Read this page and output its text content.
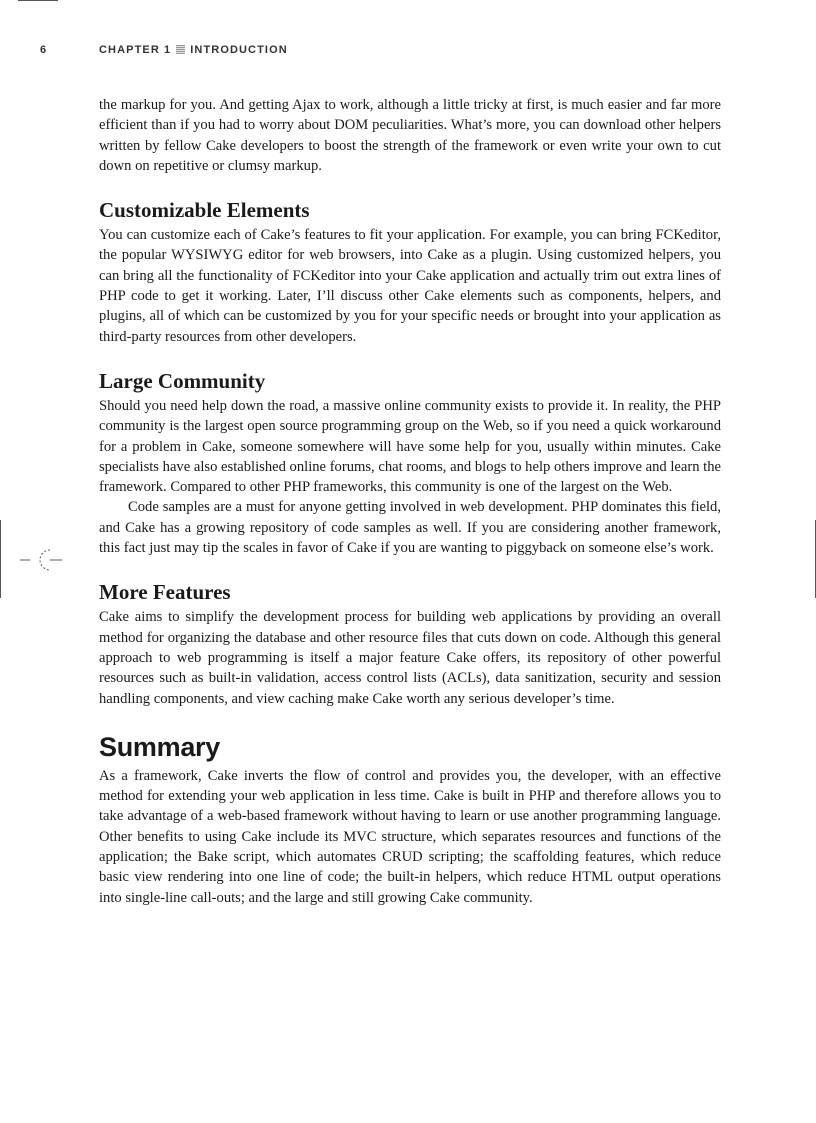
6	CHAPTER 1 INTRODUCTION

the markup for you. And getting Ajax to work, although a little tricky at first, is much easier and far more efficient than if you had to worry about DOM peculiarities. What’s more, you can download other helpers written by fellow Cake developers to boost the strength of the framework or even write your own to cut down on repetitive or clumsy markup.

Customizable Elements

You can customize each of Cake’s features to fit your application. For example, you can bring FCKeditor, the popular WYSIWYG editor for web browsers, into Cake as a plugin. Using customized helpers, you can bring all the functionality of FCKeditor into your Cake application and actually trim out extra lines of PHP code to get it working. Later, I’ll discuss other Cake elements such as components, helpers, and plugins, all of which can be customized by you for your specific needs or brought into your application as third-party resources from other developers.

Large Community

Should you need help down the road, a massive online community exists to provide it. In reality, the PHP community is the largest open source programming group on the Web, so if you need a quick workaround for a problem in Cake, someone somewhere will have some help for you, usually within minutes. Cake specialists have also established online forums, chat rooms, and blogs to help others improve and learn the framework. Compared to other PHP frameworks, this community is one of the largest on the Web.

Code samples are a must for anyone getting involved in web development. PHP dominates this field, and Cake has a growing repository of code samples as well. If you are considering another framework, this fact just may tip the scales in favor of Cake if you are wanting to piggyback on someone else’s work.

More Features

Cake aims to simplify the development process for building web applications by providing an overall method for organizing the database and other resource files that cuts down on code. Although this general approach to web programming is itself a major feature Cake offers, its repository of other powerful resources such as built-in validation, access control lists (ACLs), data sanitization, security and session handling components, and view caching make Cake worth any serious developer’s time.

Summary

As a framework, Cake inverts the flow of control and provides you, the developer, with an effective method for extending your web application in less time. Cake is built in PHP and therefore allows you to take advantage of a web-based framework without having to learn or use another programming language. Other benefits to using Cake include its MVC structure, which separates resources and functions of the application; the Bake script, which automates CRUD scripting; the scaffolding features, which reduce basic view rendering into one line of code; the built-in helpers, which reduce HTML output operations into single-line call-outs; and the large and still growing Cake community.
